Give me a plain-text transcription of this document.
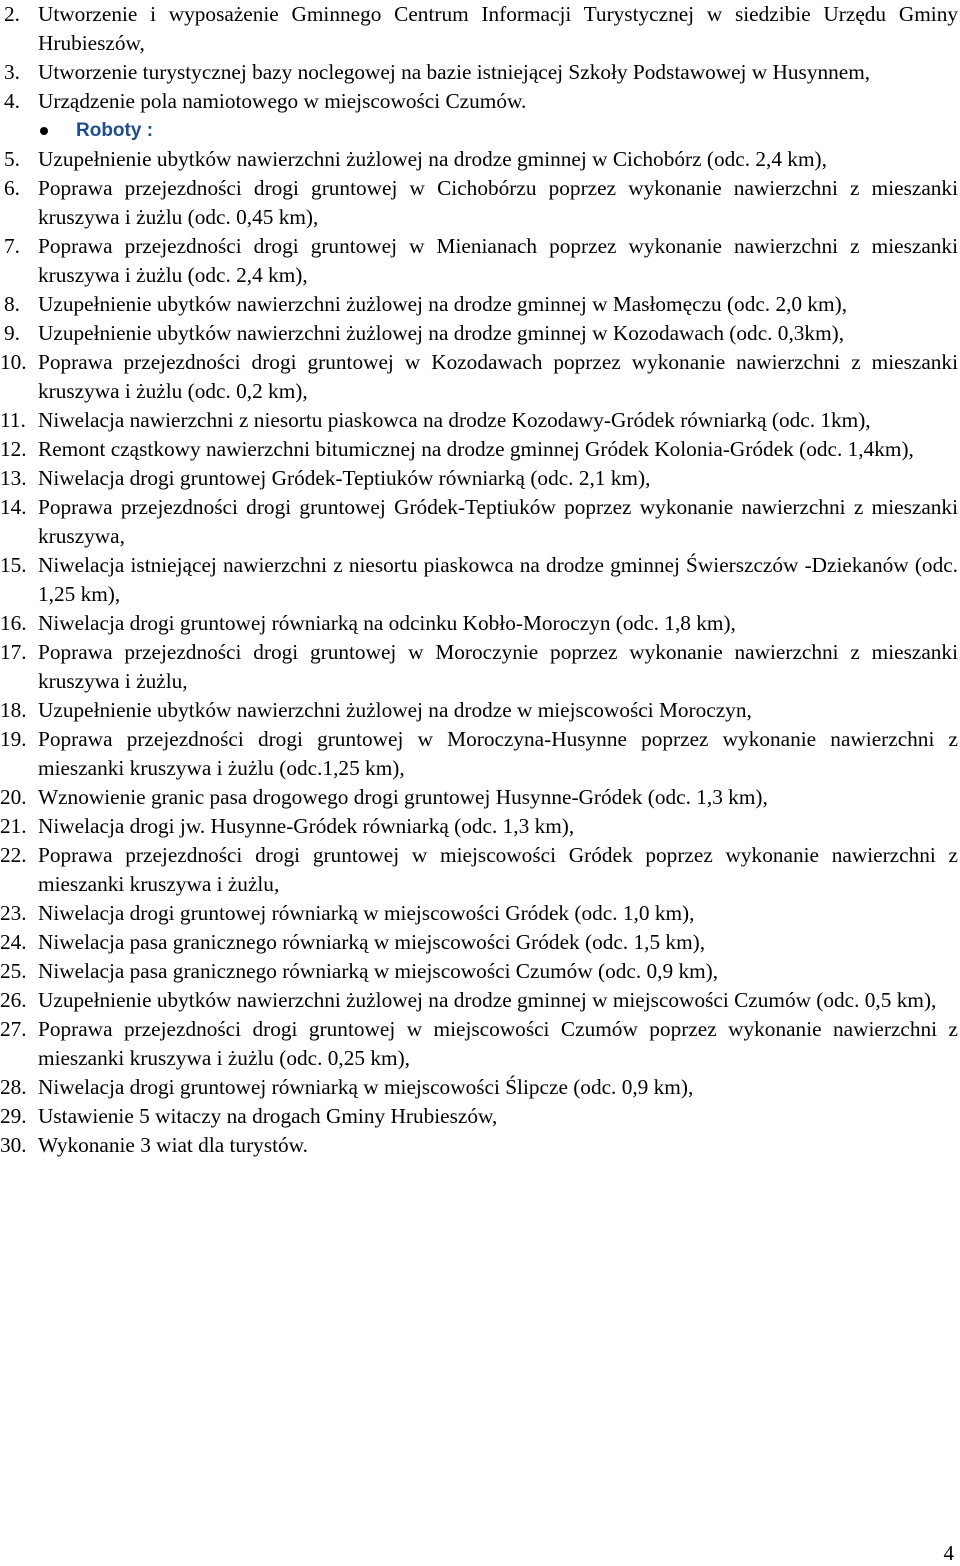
2. Utworzenie i wyposażenie Gminnego Centrum Informacji Turystycznej w siedzibie Urzędu Gminy Hrubieszów,
3. Utworzenie turystycznej bazy noclegowej na bazie istniejącej Szkoły Podstawowej w Husynnem,
4. Urządzenie pola namiotowego w miejscowości Czumów.
Roboty :
5. Uzupełnienie ubytków nawierzchni żużlowej na drodze gminnej w Cichobórz (odc. 2,4 km),
6. Poprawa przejezdności drogi gruntowej w Cichobórzu poprzez wykonanie nawierzchni z mieszanki kruszywa i żużlu (odc. 0,45 km),
7. Poprawa przejezdności drogi gruntowej w Mienianach poprzez wykonanie nawierzchni z mieszanki kruszywa i żużlu (odc. 2,4 km),
8. Uzupełnienie ubytków nawierzchni żużlowej na drodze gminnej w Masłomęczu (odc. 2,0 km),
9. Uzupełnienie ubytków nawierzchni żużlowej na drodze gminnej w Kozodawach (odc. 0,3km),
10. Poprawa przejezdności drogi gruntowej w Kozodawach poprzez wykonanie nawierzchni z mieszanki kruszywa i żużlu (odc. 0,2 km),
11. Niwelacja nawierzchni z niesortu piaskowca na drodze Kozodawy-Gródek równiarką (odc. 1km),
12. Remont cząstkowy nawierzchni bitumicznej na drodze gminnej Gródek Kolonia-Gródek (odc. 1,4km),
13. Niwelacja drogi gruntowej Gródek-Teptiuków równiarką (odc. 2,1 km),
14. Poprawa przejezdności drogi gruntowej Gródek-Teptiuków poprzez wykonanie nawierzchni z mieszanki kruszywa,
15. Niwelacja istniejącej nawierzchni z niesortu piaskowca na drodze gminnej Świerszczów -Dziekanów (odc. 1,25 km),
16. Niwelacja drogi gruntowej równiarką na odcinku Kobło-Moroczyn (odc. 1,8 km),
17. Poprawa przejezdności drogi gruntowej w Moroczynie poprzez wykonanie nawierzchni z mieszanki kruszywa i żużlu,
18. Uzupełnienie ubytków nawierzchni żużlowej na drodze w miejscowości Moroczyn,
19. Poprawa przejezdności drogi gruntowej w Moroczyna-Husynne poprzez wykonanie nawierzchni z mieszanki kruszywa i żużlu (odc.1,25 km),
20. Wznowienie granic pasa drogowego drogi gruntowej Husynne-Gródek (odc. 1,3 km),
21. Niwelacja drogi jw. Husynne-Gródek równiarką (odc. 1,3 km),
22. Poprawa przejezdności drogi gruntowej w miejscowości Gródek poprzez wykonanie nawierzchni z mieszanki kruszywa i żużlu,
23. Niwelacja drogi gruntowej równiarką w miejscowości Gródek (odc. 1,0 km),
24. Niwelacja pasa granicznego równiarką w miejscowości Gródek (odc. 1,5 km),
25. Niwelacja pasa granicznego równiarką w miejscowości Czumów (odc. 0,9 km),
26. Uzupełnienie ubytków nawierzchni żużlowej na drodze gminnej w miejscowości Czumów (odc. 0,5 km),
27. Poprawa przejezdności drogi gruntowej w miejscowości Czumów poprzez wykonanie nawierzchni z mieszanki kruszywa i żużlu (odc. 0,25 km),
28. Niwelacja drogi gruntowej równiarką w miejscowości Ślipcze (odc. 0,9 km),
29. Ustawienie 5 witaczy na drogach Gminy Hrubieszów,
30. Wykonanie 3 wiat dla turystów.
4
